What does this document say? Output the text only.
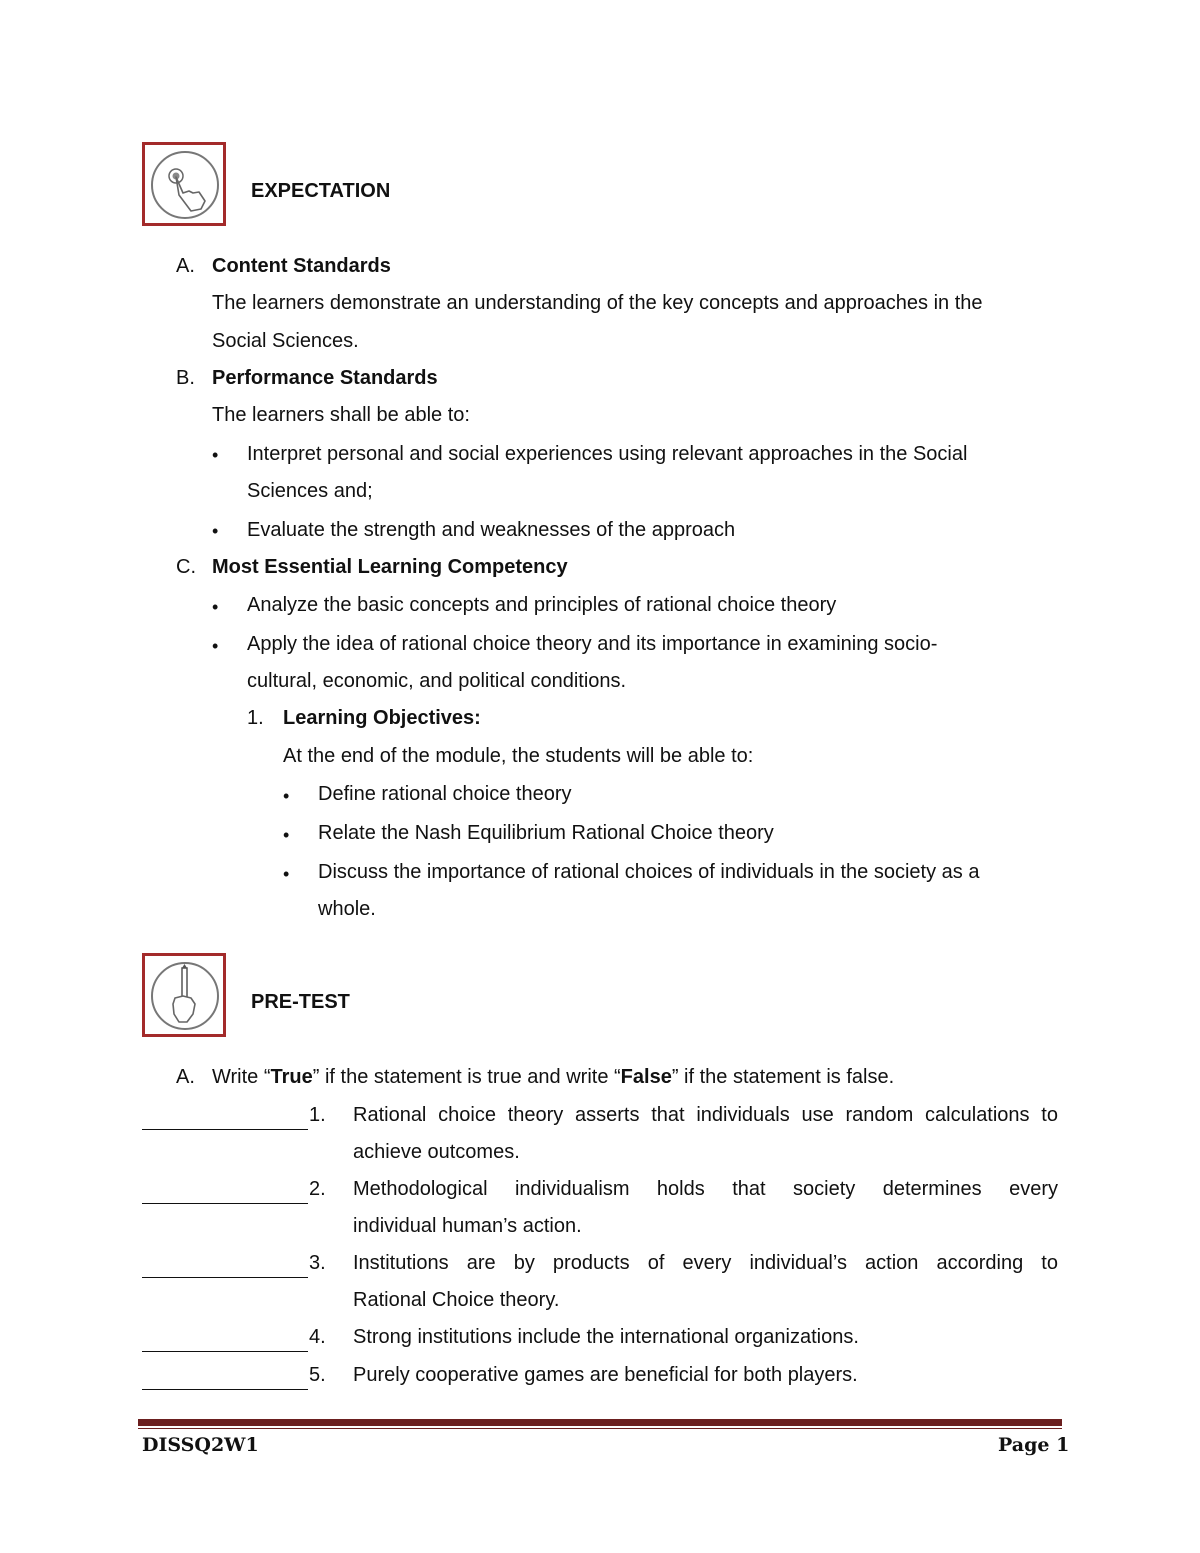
EXPECTATION
A. Content Standards
The learners demonstrate an understanding of the key concepts and approaches in the
Social Sciences.
B. Performance Standards
The learners shall be able to:
• Interpret personal and social experiences using relevant approaches in the Social
Sciences and;
• Evaluate the strength and weaknesses of the approach
C. Most Essential Learning Competency
• Analyze the basic concepts and principles of rational choice theory
• Apply the idea of rational choice theory and its importance in examining socio-
cultural, economic, and political conditions.
1. Learning Objectives:
At the end of the module, the students will be able to:
• Define rational choice theory
• Relate the Nash Equilibrium Rational Choice theory
• Discuss the importance of rational choices of individuals in the society as a
whole.
PRE-TEST
A. Write “True” if the statement is true and write “False” if the statement is false.
1. Rational choice theory asserts that individuals use random calculations to
achieve outcomes.
2. Methodological individualism holds that society determines every
individual human’s action.
3. Institutions are by products of every individual’s action according to
Rational Choice theory.
4. Strong institutions include the international organizations.
5. Purely cooperative games are beneficial for both players.
DISSQ2W1	Page 1
